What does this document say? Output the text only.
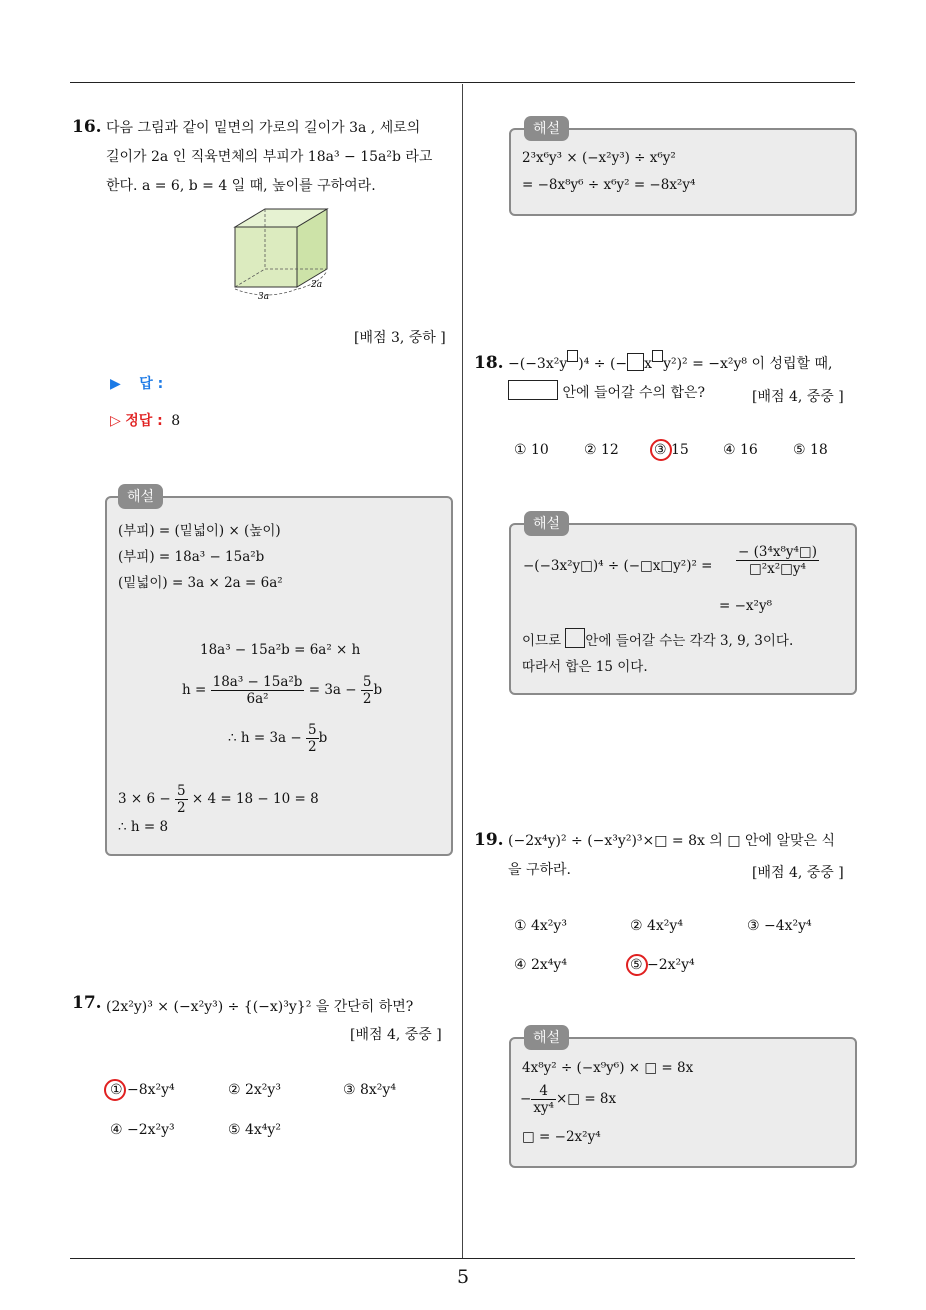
16. 다음 그림과 같이 밑면의 가로의 길이가 3a , 세로의
길이가 2a 인 직육면체의 부피가 18a³ − 15a²b 라고
한다. a = 6, b = 4 일 때, 높이를 구하여라.
3a
2a
[배점 3, 중하 ]
▶ 답 :
▷ 정답 : 8
해설
(부피) = (밑넓이) × (높이)
(부피) = 18a³ − 15a²b
(밑넓이) = 3a × 2a = 6a²
18a³ − 15a²b = 6a² × h
$h = \frac{\text{18a³ − 15a²b}}{\text{6a²}} = 3a - \frac{5}{2}$ b
∴ $h = 3a - \frac{5}{2}$ b
$3 \times 6 - \frac{5}{2} \times 4 = 18 - 10 = 8$
∴ h = 8
17. (2x²y)³ × (−x²y³) ÷ {(−x)³y}² 을 간단히 하면?
[배점 4, 중중 ]
① −8x²y⁴	② 2x²y³	③ 8x²y⁴
④ −2x²y³	⑤ 4x⁴y²
해설
2³x⁶y³ × (−x²y³) ÷ x⁶y²
= −8x⁸y⁶ ÷ x⁶y² = −8x²y⁴
18. −(−3x²y )⁴ ÷ (− x y²)² = −x²y⁸ 이 성립할 때,
안에 들어갈 수의 합은?	[배점 4, 중중 ]
① 10	② 12	③ 15 ④ 16	⑤ 18
해설
−(−3x²y□)⁴ ÷ (−□x□y²)² = $\frac{\text{− (3⁴x⁸y⁴□)}}{\text{□²x²□y⁴}}$
= −x²y⁸
이므로 안에 들어갈 수는 각각 3, 9, 3이다.
따라서 합은 15 이다.
19. (−2x⁴y)² ÷ (−x³y²)³×□ = 8x 의 □ 안에 알맞은 식
을 구하라.	[배점 4, 중중 ]
① 4x²y³	② 4x²y⁴	③ −4x²y⁴
④ 2x⁴y⁴	⑤ −2x²y⁴
해설
4x⁸y² ÷ (−x⁹y⁶) × □ = 8x
− $\frac{4}{\text{xy⁴}}$ ×□ = 8x
□ = −2x²y⁴
5
